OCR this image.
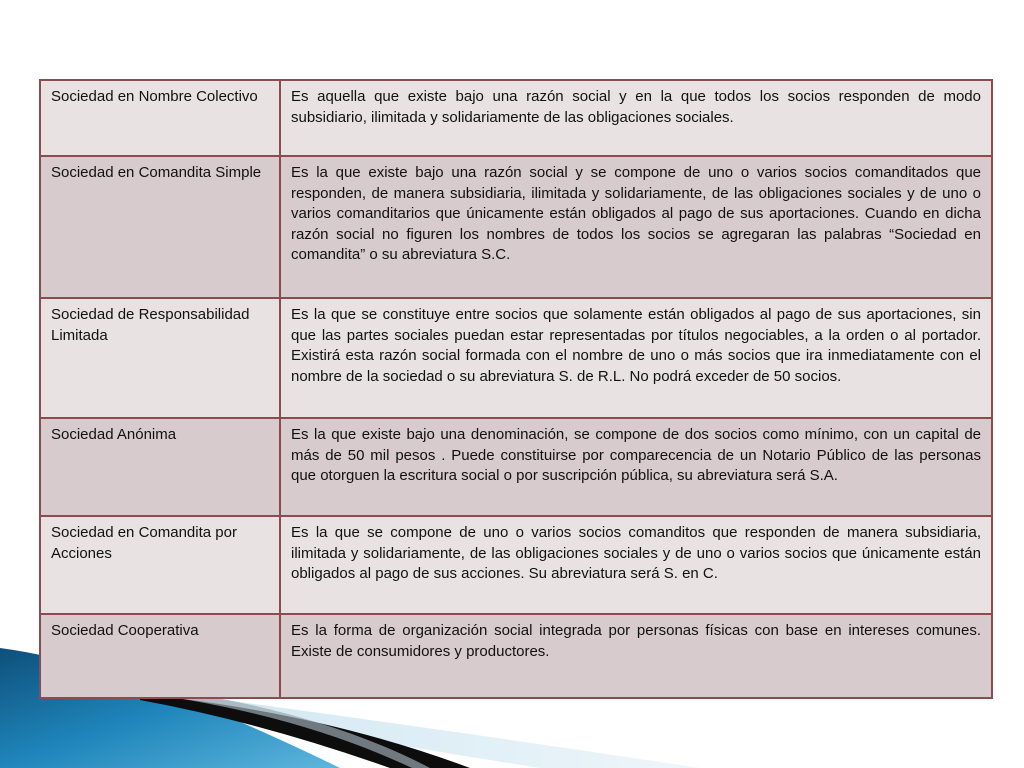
Sociedad en Nombre Colectivo	Es aquella que existe bajo una razón social y en la que todos los socios responden de modo subsidiario, ilimitada y solidariamente de las obligaciones sociales.
Sociedad en Comandita Simple	Es la que existe bajo una razón social y se compone de uno o varios socios comanditados que responden, de manera subsidiaria, ilimitada y solidariamente, de las obligaciones sociales y de uno o varios comanditarios que únicamente están obligados al pago de sus aportaciones. Cuando en dicha razón social no figuren los nombres de todos los socios se agregaran las palabras “Sociedad en comandita” o su abreviatura S.C.
Sociedad de Responsabilidad Limitada	Es la que se constituye entre socios que solamente están obligados al pago de sus aportaciones, sin que las partes sociales puedan estar representadas por títulos negociables, a la orden o al portador. Existirá esta razón social formada con el nombre de uno o más socios que ira inmediatamente con el nombre de la sociedad o su abreviatura S. de R.L. No podrá exceder de 50 socios.
Sociedad Anónima	Es la que existe bajo una denominación, se compone de dos socios como mínimo, con un capital de más de 50 mil pesos . Puede constituirse por comparecencia de un Notario Público de las personas que otorguen la escritura social o por suscripción pública, su abreviatura será S.A.
Sociedad en Comandita por Acciones	Es la que se compone de uno o varios socios comanditos que responden de manera subsidiaria, ilimitada y solidariamente, de las obligaciones sociales y de uno o varios socios que únicamente están obligados al pago de sus acciones. Su abreviatura será S. en C.
Sociedad Cooperativa	Es la forma de organización social integrada por personas físicas con base en intereses comunes. Existe de consumidores y productores.
